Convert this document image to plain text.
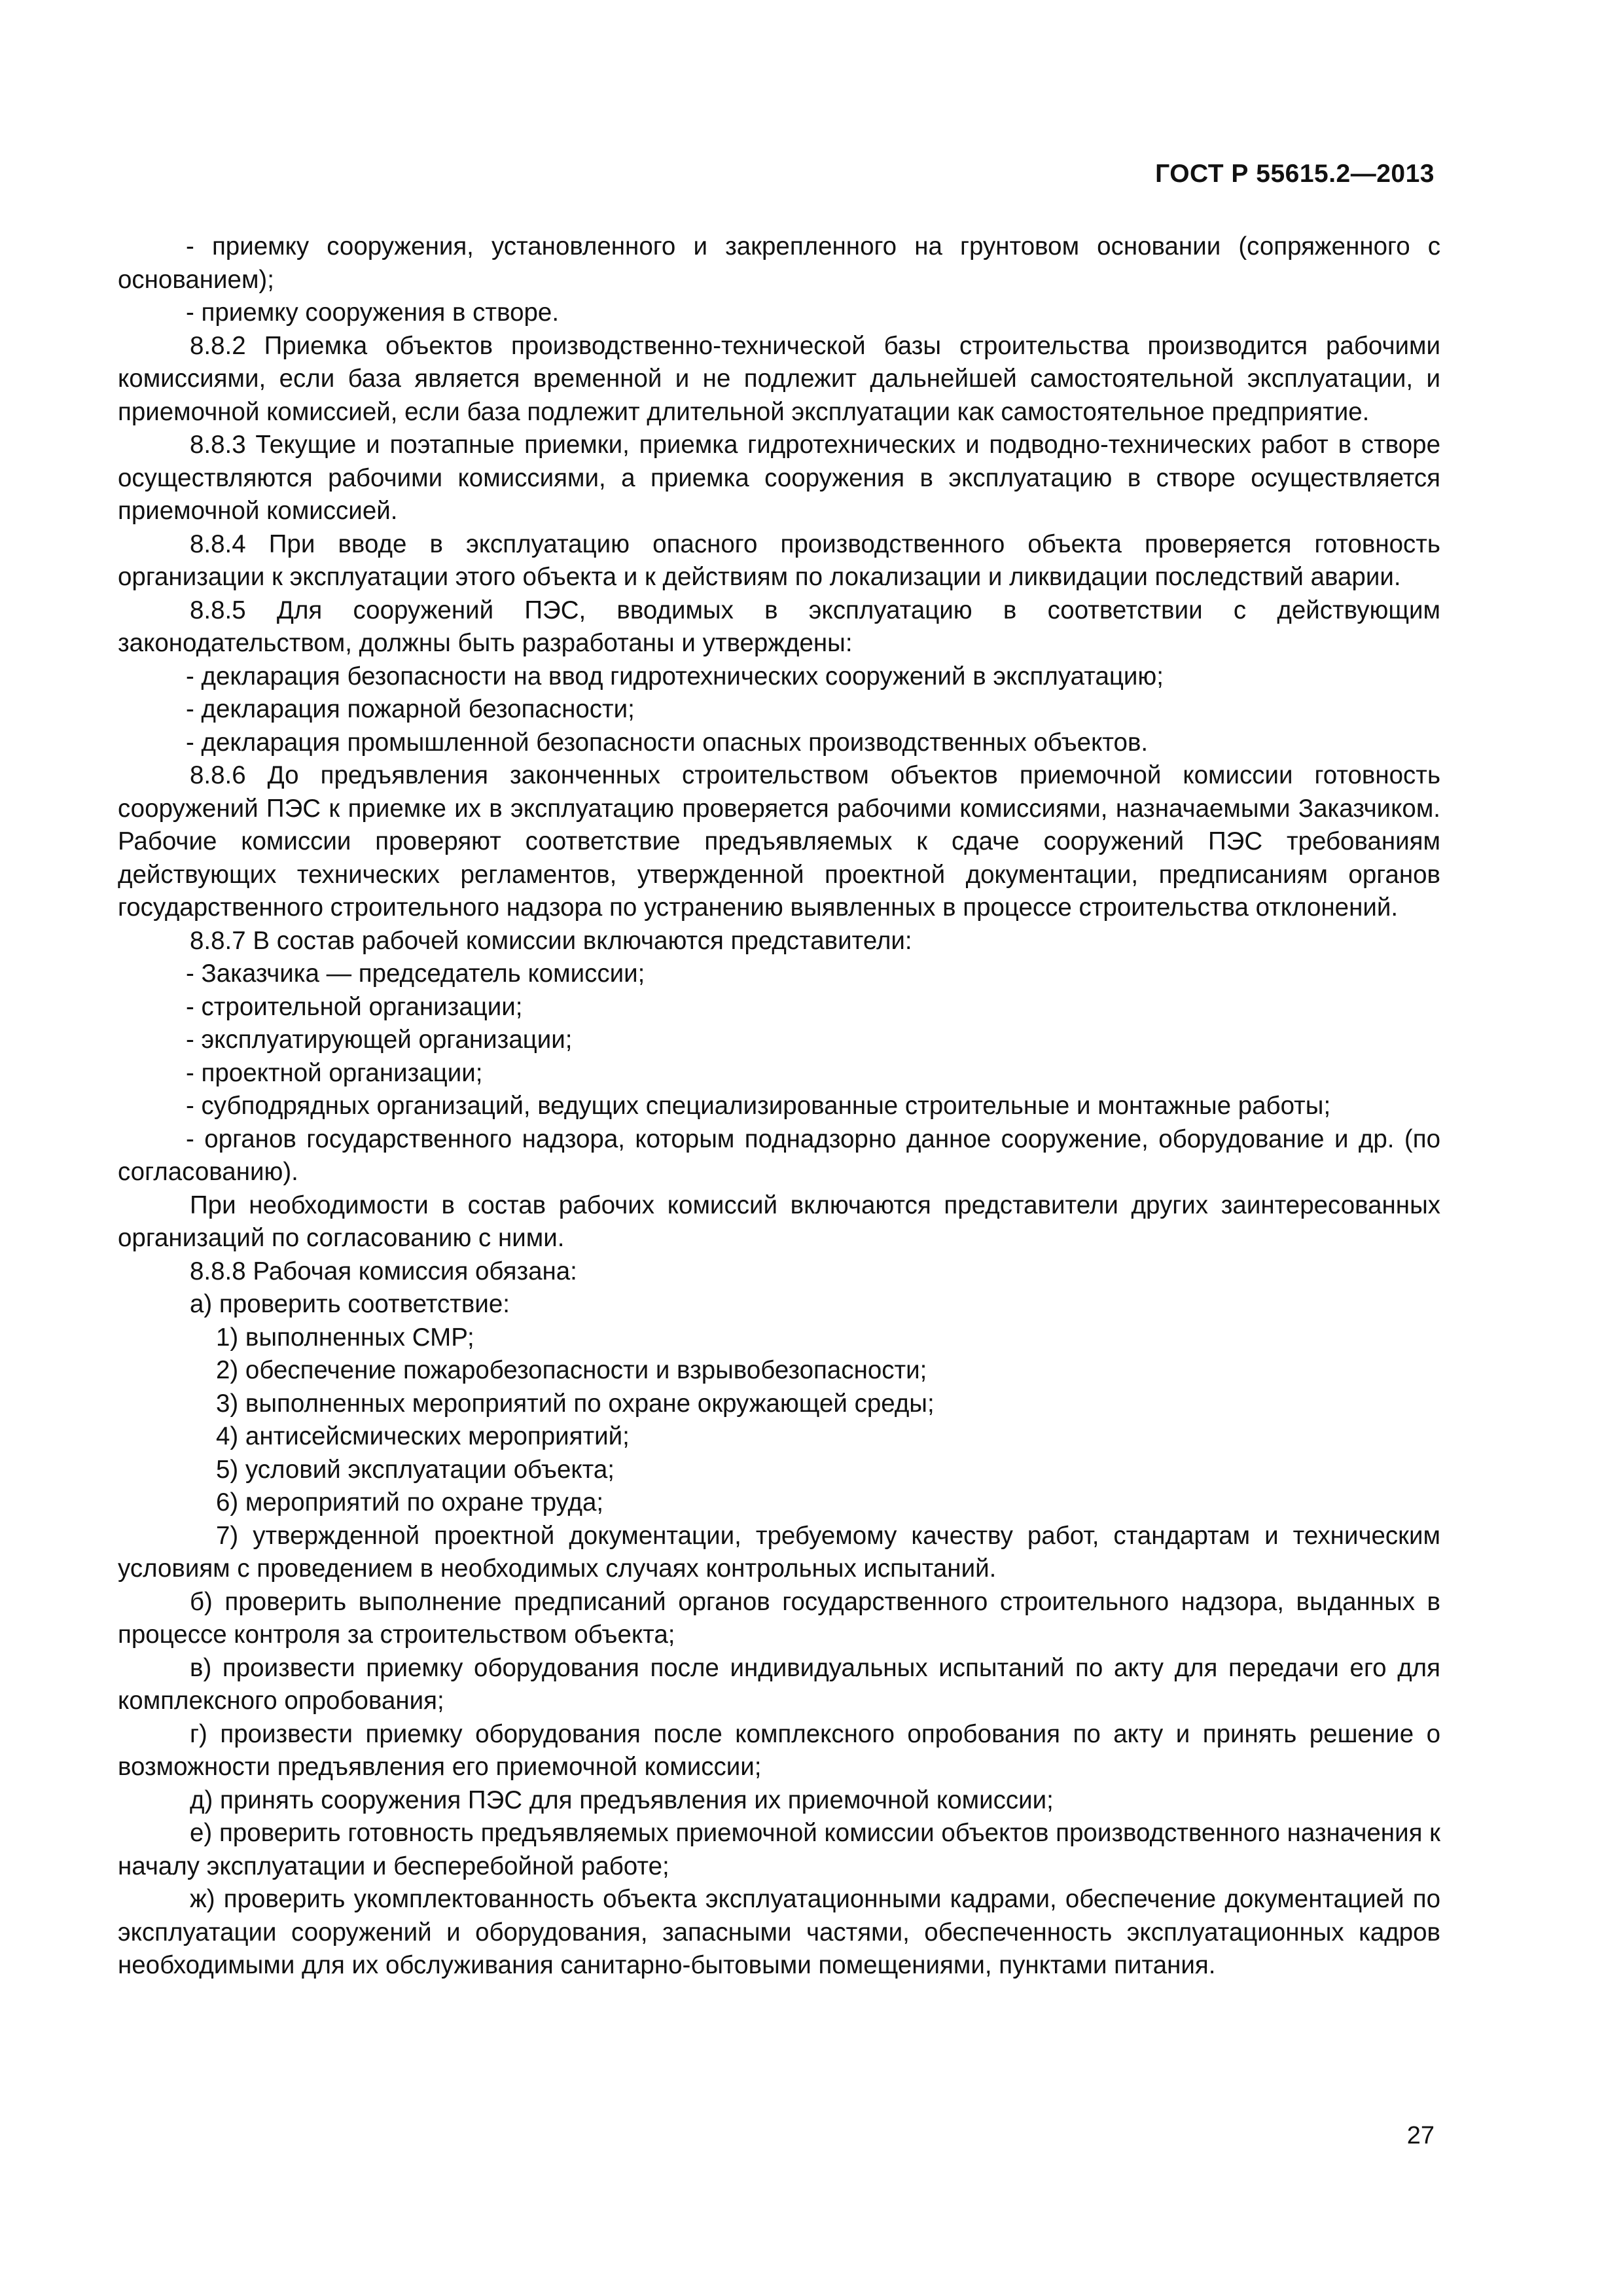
ГОСТ Р 55615.2—2013

- приемку сооружения, установленного и закрепленного на грунтовом основании (сопряженного с основанием);

- приемку сооружения в створе.

8.8.2 Приемка объектов производственно-технической базы строительства производится рабочими комиссиями, если база является временной и не подлежит дальнейшей самостоятельной эксплуатации, и приемочной комиссией, если база подлежит длительной эксплуатации как самостоятельное предприятие.

8.8.3 Текущие и поэтапные приемки, приемка гидротехнических и подводно-технических работ в створе осуществляются рабочими комиссиями, а приемка сооружения в эксплуатацию в створе осуществляется приемочной комиссией.

8.8.4 При вводе в эксплуатацию опасного производственного объекта проверяется готовность организации к эксплуатации этого объекта и к действиям по локализации и ликвидации последствий аварии.

8.8.5 Для сооружений ПЭС, вводимых в эксплуатацию в соответствии с действующим законодательством, должны быть разработаны и утверждены:

- декларация безопасности на ввод гидротехнических сооружений в эксплуатацию;

- декларация пожарной безопасности;

- декларация промышленной безопасности опасных производственных объектов.

8.8.6 До предъявления законченных строительством объектов приемочной комиссии готовность сооружений ПЭС к приемке их в эксплуатацию проверяется рабочими комиссиями, назначаемыми Заказчиком. Рабочие комиссии проверяют соответствие предъявляемых к сдаче сооружений ПЭС требованиям действующих технических регламентов, утвержденной проектной документации, предписаниям органов государственного строительного надзора по устранению выявленных в процессе строительства отклонений.

8.8.7 В состав рабочей комиссии включаются представители:

- Заказчика — председатель комиссии;

- строительной организации;

- эксплуатирующей организации;

- проектной организации;

- субподрядных организаций, ведущих специализированные строительные и монтажные работы;

- органов государственного надзора, которым поднадзорно данное сооружение, оборудование и др. (по согласованию).

При необходимости в состав рабочих комиссий включаются представители других заинтересованных организаций по согласованию с ними.

8.8.8 Рабочая комиссия обязана:

а) проверить соответствие:

1) выполненных СМР;

2) обеспечение пожаробезопасности и взрывобезопасности;

3) выполненных мероприятий по охране окружающей среды;

4) антисейсмических мероприятий;

5) условий эксплуатации объекта;

6) мероприятий по охране труда;

7) утвержденной проектной документации, требуемому качеству работ, стандартам и техническим условиям с проведением в необходимых случаях контрольных испытаний.

б) проверить выполнение предписаний органов государственного строительного надзора, выданных в процессе контроля за строительством объекта;

в) произвести приемку оборудования после индивидуальных испытаний по акту для передачи его для комплексного опробования;

г) произвести приемку оборудования после комплексного опробования по акту и принять решение о возможности предъявления его приемочной комиссии;

д) принять сооружения ПЭС для предъявления их приемочной комиссии;

е) проверить готовность предъявляемых приемочной комиссии объектов производственного назначения к началу эксплуатации и бесперебойной работе;

ж) проверить укомплектованность объекта эксплуатационными кадрами, обеспечение документацией по эксплуатации сооружений и оборудования, запасными частями, обеспеченность эксплуатационных кадров необходимыми для их обслуживания санитарно-бытовыми помещениями, пунктами питания.

27
